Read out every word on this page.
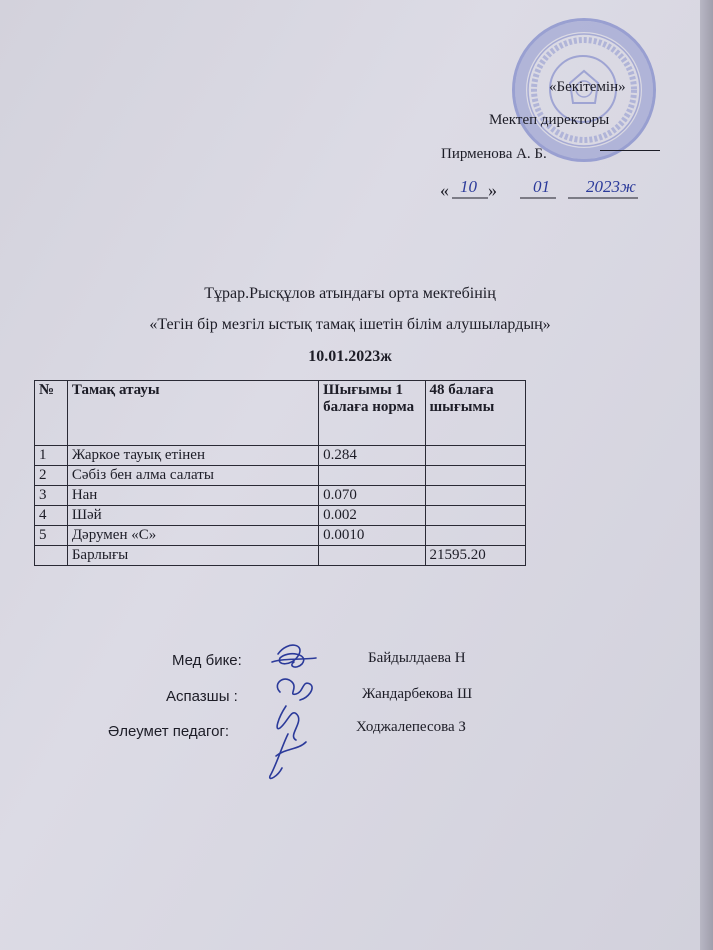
«Бекітемін»
Мектеп директоры
Пирменова А. Б.
« 10 » 01 2023ж
Тұрар.Рысқұлов атындағы орта мектебінің
«Тегін бір мезгіл ыстық тамақ ішетін білім алушылардың»
10.01.2023ж
№	Тамақ атауы	Шығымы 1 балаға норма	48 балаға шығымы
1	Жаркое тауық етінен	0.284	
2	Сәбіз бен алма салаты		
3	Нан	0.070	
4	Шәй	0.002	
5	Дәрумен «С»	0.0010	
	Барлығы		21595.20
Мед бике:	Байдылдаева Н
Аспазшы :	Жандарбекова Ш
Әлеумет педагог:	Ходжалепесова З
